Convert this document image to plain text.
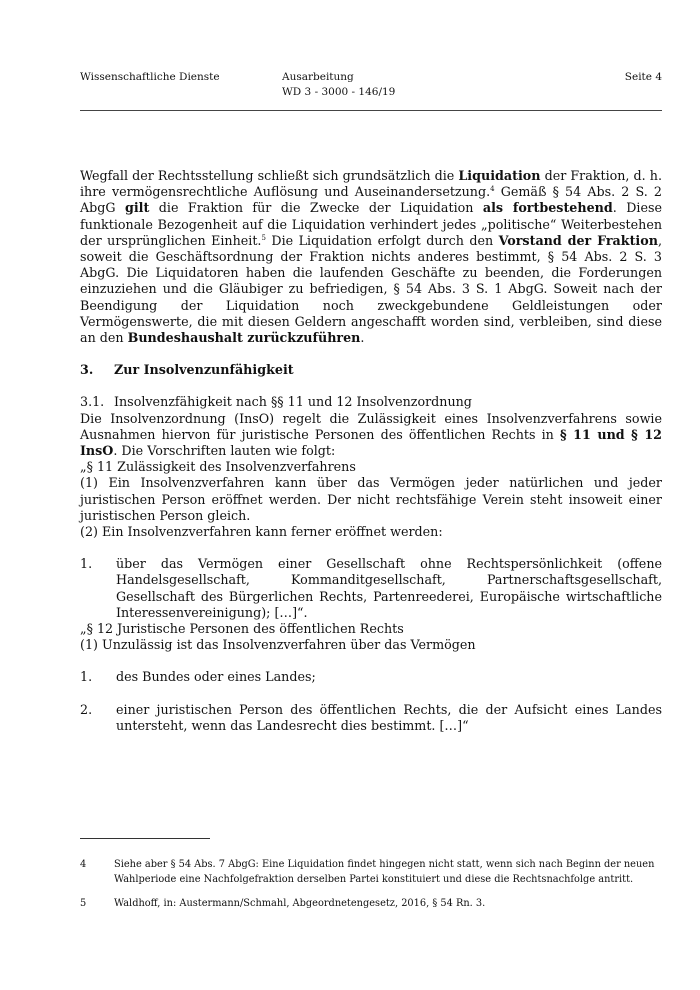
Wissenschaftliche Dienste	Ausarbeitung
WD 3 - 3000 - 146/19
Seite 4

Wegfall der Rechtsstellung schließt sich grundsätzlich die Liquidation der Fraktion, d. h. ihre vermögensrechtliche Auflösung und Auseinandersetzung.$^4$ Gemäß § 54 Abs. 2 S. 2 AbgG gilt die Fraktion für die Zwecke der Liquidation als fortbestehend. Diese funktionale Bezogenheit auf die Liquidation verhindert jedes „politische“ Weiterbestehen der ursprünglichen Einheit.$^5$ Die Liquidation erfolgt durch den Vorstand der Fraktion, soweit die Geschäftsordnung der Fraktion nichts anderes bestimmt, § 54 Abs. 2 S. 3 AbgG. Die Liquidatoren haben die laufenden Geschäfte zu beenden, die Forderungen einzuziehen und die Gläubiger zu befriedigen, § 54 Abs. 3 S. 1 AbgG. Soweit nach der Beendigung der Liquidation noch zweckgebundene Geldleistungen oder Vermögenswerte, die mit diesen Geldern angeschafft worden sind, verbleiben, sind diese an den Bundeshaushalt zurückzuführen.

3.	Zur Insolvenzunfähigkeit
3.1. Insolvenzfähigkeit nach §§ 11 und 12 Insolvenzordnung

Die Insolvenzordnung (InsO) regelt die Zulässigkeit eines Insolvenzverfahrens sowie Ausnahmen hiervon für juristische Personen des öffentlichen Rechts in § 11 und § 12 InsO. Die Vorschriften lauten wie folgt:

„§ 11 Zulässigkeit des Insolvenzverfahrens

(1) Ein Insolvenzverfahren kann über das Vermögen jeder natürlichen und jeder juristischen Person eröffnet werden. Der nicht rechtsfähige Verein steht insoweit einer juristischen Person gleich.

(2) Ein Insolvenzverfahren kann ferner eröffnet werden:

1.	über das Vermögen einer Gesellschaft ohne Rechtspersönlichkeit (offene Handelsgesellschaft, Kommanditgesellschaft, Partnerschaftsgesellschaft, Gesellschaft des Bürgerlichen Rechts, Partenreederei, Europäische wirtschaftliche Interessenvereinigung); […]“.

„§ 12 Juristische Personen des öffentlichen Rechts

(1) Unzulässig ist das Insolvenzverfahren über das Vermögen

1.	des Bundes oder eines Landes;
2.	einer juristischen Person des öffentlichen Rechts, die der Aufsicht eines Landes untersteht, wenn das Landesrecht dies bestimmt. […]“
4	Siehe aber § 54 Abs. 7 AbgG: Eine Liquidation findet hingegen nicht statt, wenn sich nach Beginn der neuen Wahlperiode eine Nachfolgefraktion derselben Partei konstituiert und diese die Rechtsnachfolge antritt.
5	Waldhoff, in: Austermann/Schmahl, Abgeordnetengesetz, 2016, § 54 Rn. 3.
